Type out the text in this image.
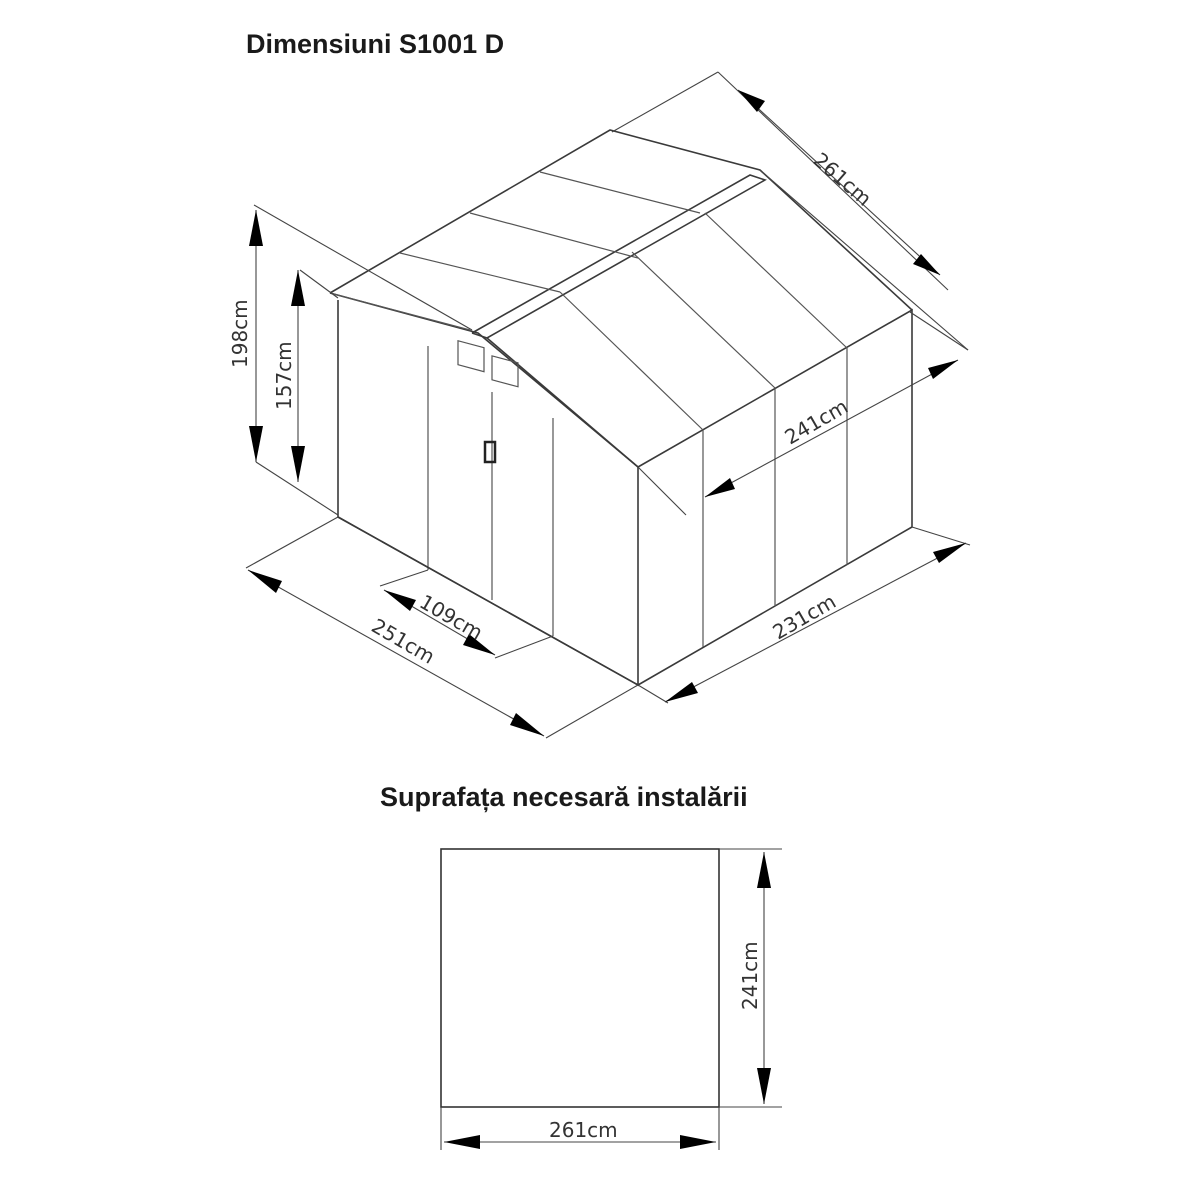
Dimensiuni S1001 D
Suprafața necesară instalării
261cm
241cm
198cm
157cm
109cm
251cm	231cm
241cm
261cm
